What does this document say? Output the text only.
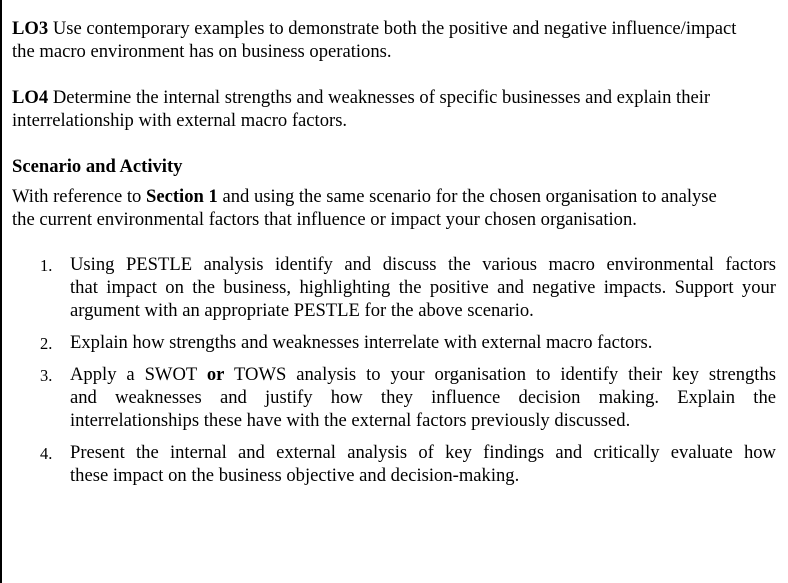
LO3 Use contemporary examples to demonstrate both the positive and negative influence/impact
the macro environment has on business operations.

LO4 Determine the internal strengths and weaknesses of specific businesses and explain their
interrelationship with external macro factors.

Scenario and Activity

With reference to Section 1 and using the same scenario for the chosen organisation to analyse
the current environmental factors that influence or impact your chosen organisation.

1. Using PESTLE analysis identify and discuss the various macro environmental factors
that impact on the business, highlighting the positive and negative impacts. Support your
argument with an appropriate PESTLE for the above scenario.
2. Explain how strengths and weaknesses interrelate with external macro factors.
3. Apply a SWOT or TOWS analysis to your organisation to identify their key strengths
and weaknesses and justify how they influence decision making. Explain the
interrelationships these have with the external factors previously discussed.
4. Present the internal and external analysis of key findings and critically evaluate how
these impact on the business objective and decision-making.
